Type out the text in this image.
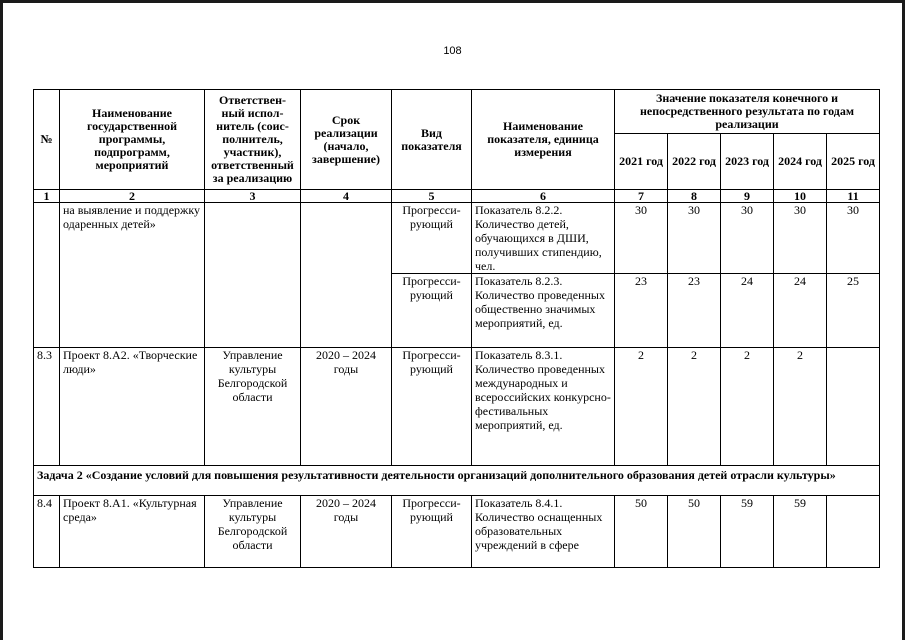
108
№	Наименование государственной программы, подпрограмм, мероприятий	Ответствен-ный испол-нитель (соис-полнитель, участник), ответственный за реализацию	Срок реализации (начало, завершение)	Вид показателя	Наименование показателя, единица измерения	Значение показателя конечного и непосредственного результата по годам реализации				
						2021 год	2022 год	2023 год	2024 год	2025 год
1	2	3	4	5	6	7	8	9	10	11
	на выявление и поддержку одаренных детей»			Прогресси-рующий	Показатель 8.2.2. Количество детей, обучающихся в ДШИ, получивших стипендию, чел.	30	30	30	30	30
				Прогресси-рующий	Показатель 8.2.3. Количество проведенных общественно значимых мероприятий, ед.	23	23	24	24	25
8.3	Проект 8.А2. «Творческие люди»	Управление культуры Белгородской области	2020 – 2024 годы	Прогресси-рующий	Показатель 8.3.1. Количество проведенных международных и всероссийских конкурсно-фестивальных мероприятий, ед.	2	2	2	2	
Задача 2 «Создание условий для повышения результативности деятельности организаций дополнительного образования детей отрасли культуры»										
8.4	Проект 8.А1. «Культурная среда»	Управление культуры Белгородской области	2020 – 2024 годы	Прогресси-рующий	Показатель 8.4.1. Количество оснащенных образовательных учреждений в сфере	50	50	59	59	
